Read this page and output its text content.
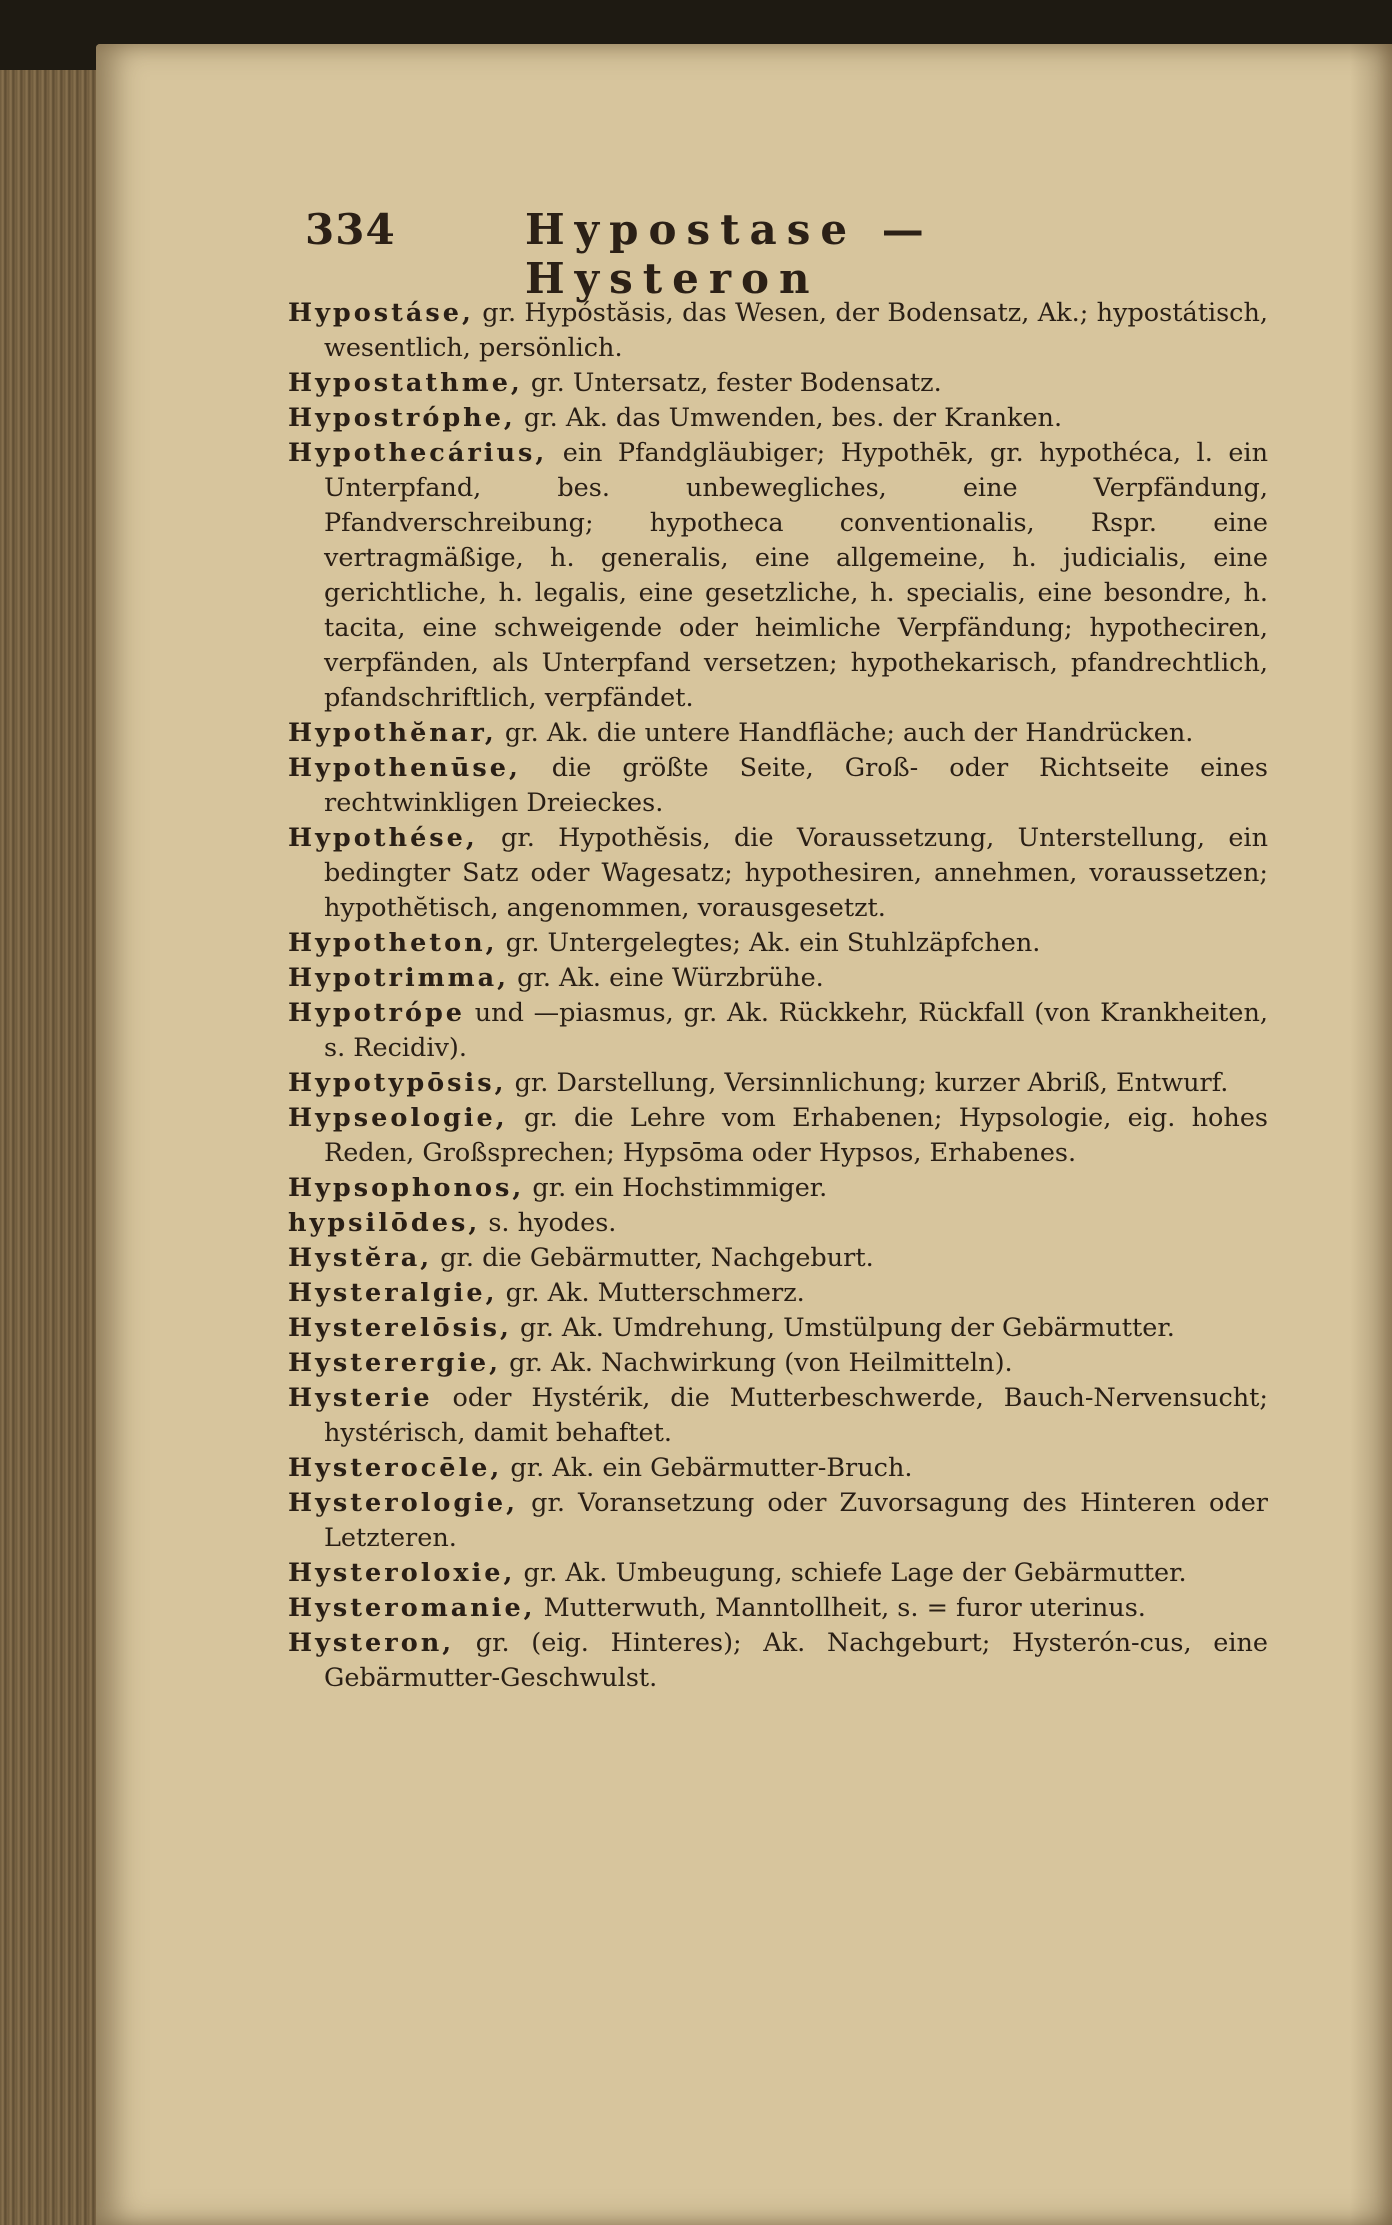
334	Hypostase — Hysteron

Hypostáse, gr. Hypóstăsis, das Wesen, der Bodensatz, Ak.; hypostátisch, wesentlich, persönlich.

Hypostathme, gr. Untersatz, fester Bodensatz.

Hypostróphe, gr. Ak. das Umwenden, bes. der Kranken.

Hypothecárius, ein Pfandgläubiger; Hypothēk, gr. hypothéca, l. ein Unterpfand, bes. unbewegliches, eine Verpfändung, Pfandverschreibung; hypotheca conventionalis, Rspr. eine vertragmäßige, h. generalis, eine allgemeine, h. judicialis, eine gerichtliche, h. legalis, eine gesetzliche, h. specialis, eine besondre, h. tacita, eine schweigende oder heimliche Verpfändung; hypotheciren, verpfänden, als Unterpfand versetzen; hypothekarisch, pfandrechtlich, pfandschriftlich, verpfändet.

Hypothĕnar, gr. Ak. die untere Handfläche; auch der Handrücken.

Hypothenūse, die größte Seite, Groß- oder Richtseite eines rechtwinkligen Dreieckes.

Hypothése, gr. Hypothĕsis, die Voraussetzung, Unterstellung, ein bedingter Satz oder Wagesatz; hypothesiren, annehmen, voraussetzen; hypothĕtisch, angenommen, vorausgesetzt.

Hypotheton, gr. Untergelegtes; Ak. ein Stuhlzäpfchen.

Hypotrimma, gr. Ak. eine Würzbrühe.

Hypotrópe und —piasmus, gr. Ak. Rückkehr, Rückfall (von Krankheiten, s. Recidiv).

Hypotypōsis, gr. Darstellung, Versinnlichung; kurzer Abriß, Entwurf.

Hypseologie, gr. die Lehre vom Erhabenen; Hypsologie, eig. hohes Reden, Großsprechen; Hypsōma oder Hypsos, Erhabenes.

Hypsophonos, gr. ein Hochstimmiger.

hypsilōdes, s. hyodes.

Hystĕra, gr. die Gebärmutter, Nachgeburt.

Hysteralgie, gr. Ak. Mutterschmerz.

Hysterelōsis, gr. Ak. Umdrehung, Umstülpung der Gebärmutter.

Hysterergie, gr. Ak. Nachwirkung (von Heilmitteln).

Hysterie oder Hystérik, die Mutterbeschwerde, Bauch-Nervensucht; hystérisch, damit behaftet.

Hysterocēle, gr. Ak. ein Gebärmutter-Bruch.

Hysterologie, gr. Voransetzung oder Zuvorsagung des Hinteren oder Letzteren.

Hysteroloxie, gr. Ak. Umbeugung, schiefe Lage der Gebärmutter.

Hysteromanie, Mutterwuth, Manntollheit, s. = furor uterinus.

Hysteron, gr. (eig. Hinteres); Ak. Nachgeburt; Hysterón-cus, eine Gebärmutter-Geschwulst.
